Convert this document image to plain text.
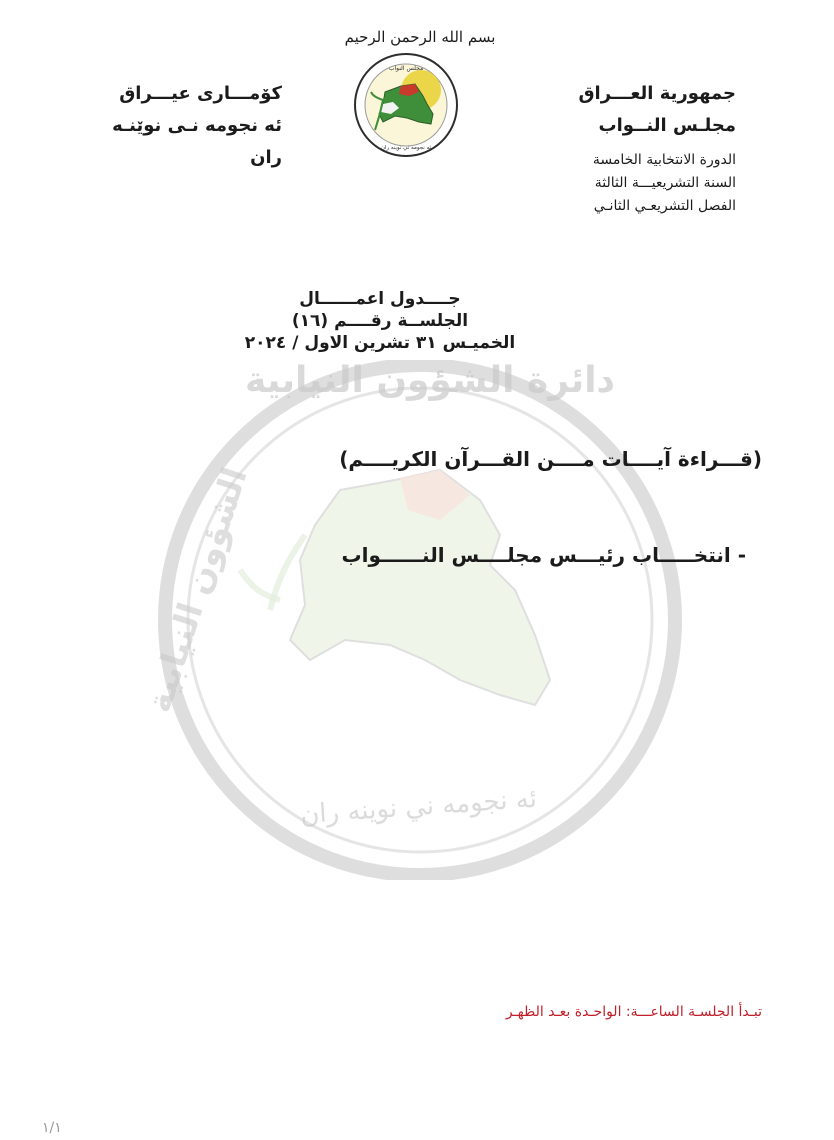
دائرة الشؤون النيابية
الشؤون النيابية
ئه نجومه ني نوينه ران
بسم الله الرحمن الرحيم
جمهورية العـــراق
مجلـس النــواب
الدورة الانتخابية الخامسة
السنة التشريعيـــة الثالثة
الفصل التشريعـي الثانـي
كۆمـــارى عيـــراق
ئه نجومه نـى نوێنـه ران
مجلس النواب
ئه نجومه ني نوينه ران
جــــدول اعمــــــال
الجلســة رقــــم (١٦)
الخميـس ٣١ تشرين الاول / ٢٠٢٤
(قـــراءة آيــــات مــــن القـــرآن الكريــــم)
- انتخـــــاب رئيـــس مجلــــس النــــــواب
تبـدأ الجلسـة الساعـــة: الواحـدة بعـد الظهـر
١/١
